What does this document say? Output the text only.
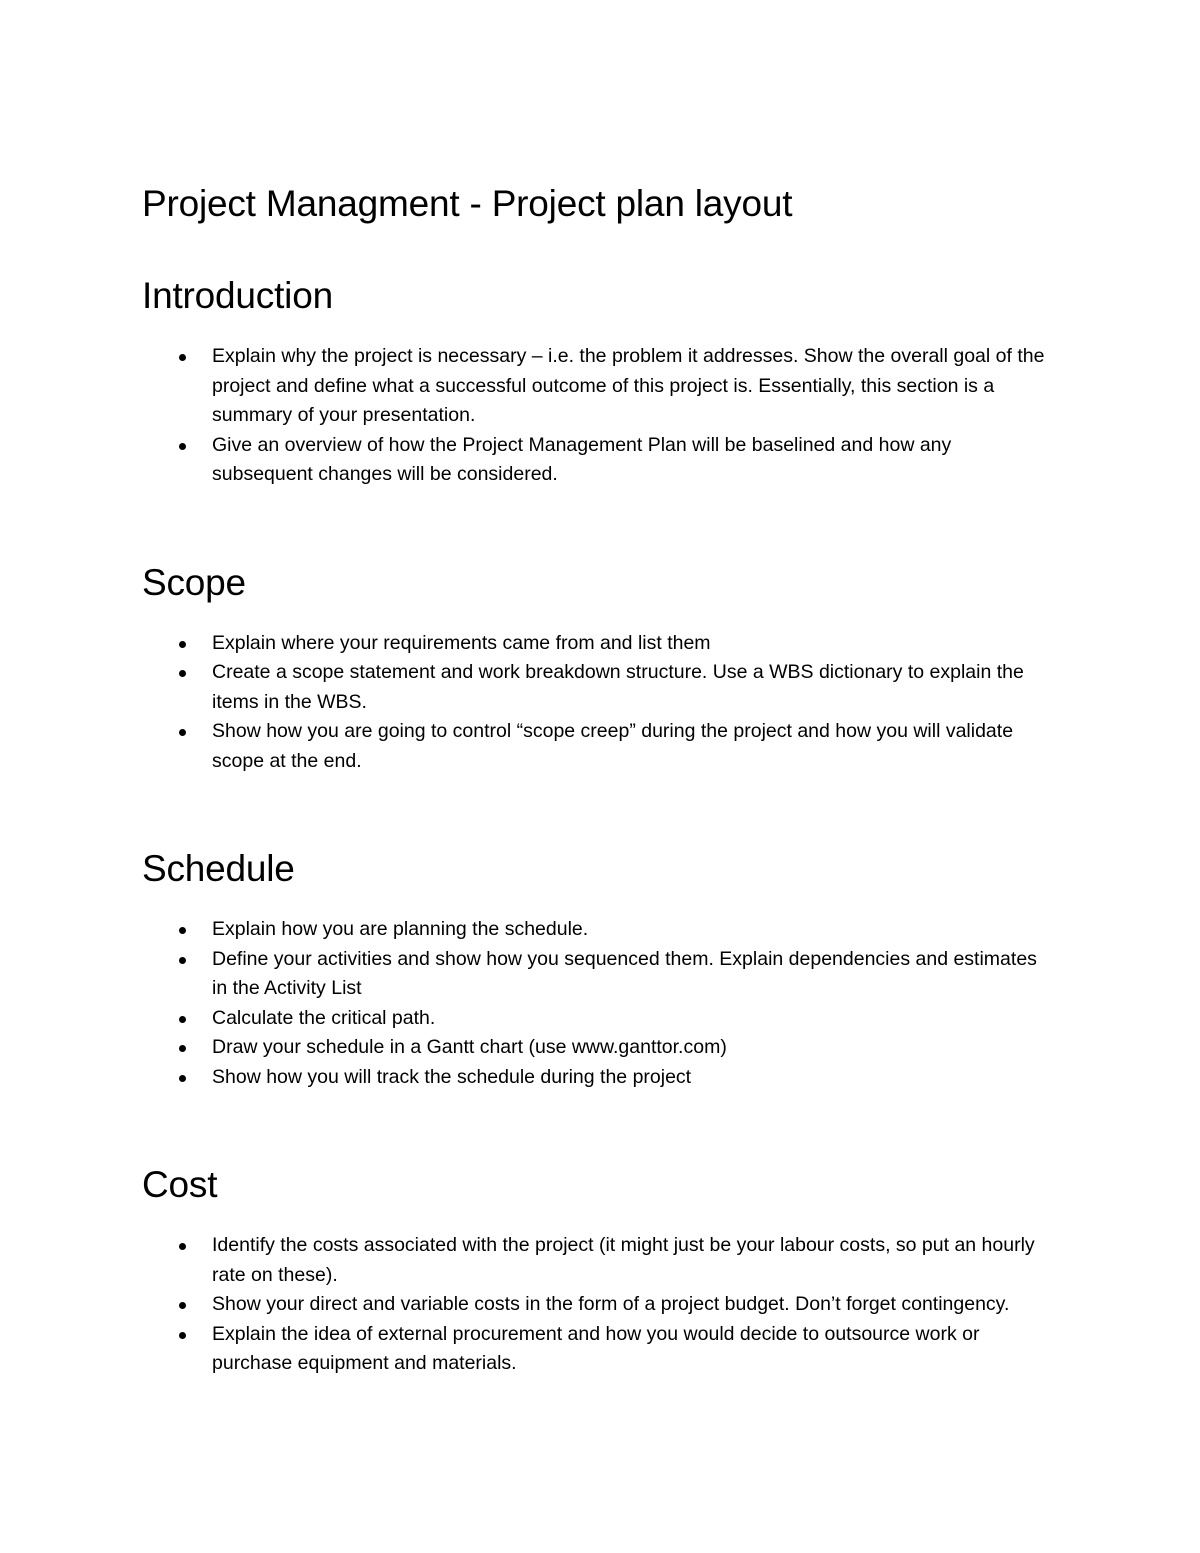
Project Managment - Project plan layout
Introduction
Explain why the project is necessary – i.e. the problem it addresses. Show the overall goal of the project and define what a successful outcome of this project is. Essentially, this section is a summary of your presentation.
Give an overview of how the Project Management Plan will be baselined and how any subsequent changes will be considered.
Scope
Explain where your requirements came from and list them
Create a scope statement and work breakdown structure. Use a WBS dictionary to explain the items in the WBS.
Show how you are going to control “scope creep” during the project and how you will validate scope at the end.
Schedule
Explain how you are planning the schedule.
Define your activities and show how you sequenced them. Explain dependencies and estimates in the Activity List
Calculate the critical path.
Draw your schedule in a Gantt chart (use www.ganttor.com)
Show how you will track the schedule during the project
Cost
Identify the costs associated with the project (it might just be your labour costs, so put an hourly rate on these).
Show your direct and variable costs in the form of a project budget. Don’t forget contingency.
Explain the idea of external procurement and how you would decide to outsource work or purchase equipment and materials.
